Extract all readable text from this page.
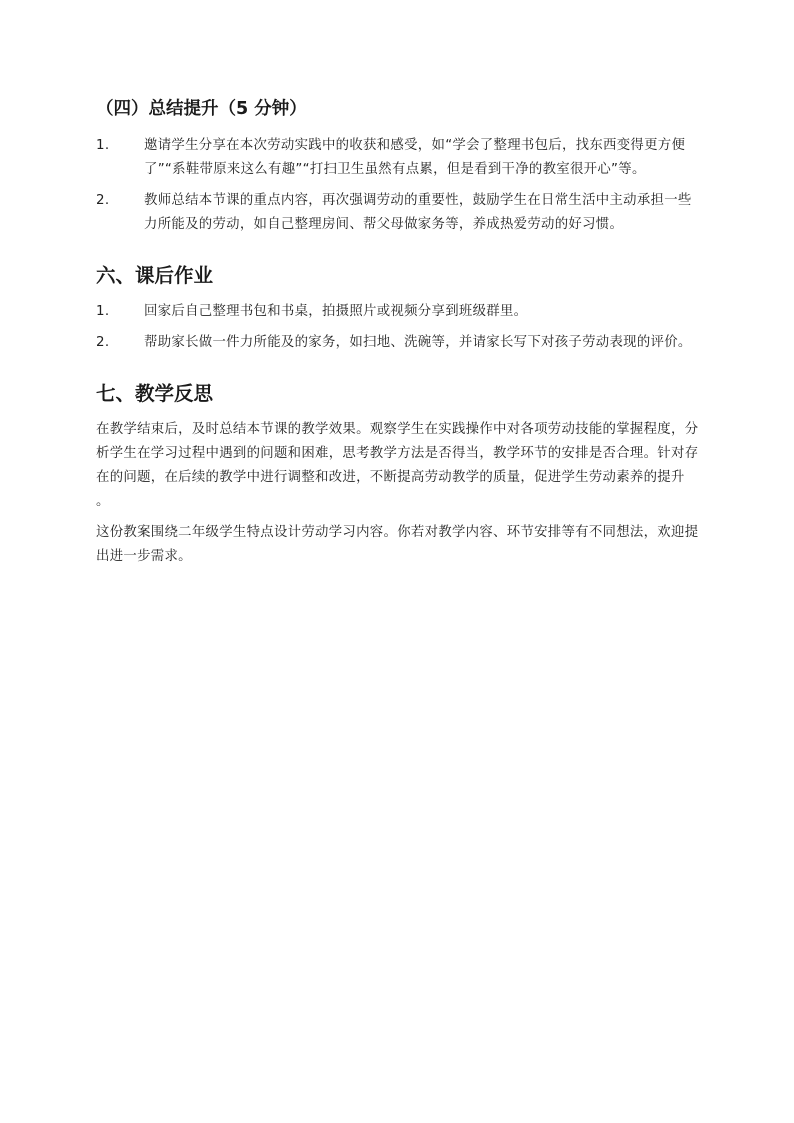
（四）总结提升（5 分钟）
1.	邀请学生分享在本次劳动实践中的收获和感受，如“学会了整理书包后，找东西变得更方便了”“系鞋带原来这么有趣”“打扫卫生虽然有点累，但是看到干净的教室很开心”等。
2.	教师总结本节课的重点内容，再次强调劳动的重要性，鼓励学生在日常生活中主动承担一些力所能及的劳动，如自己整理房间、帮父母做家务等，养成热爱劳动的好习惯。
六、课后作业
1.	回家后自己整理书包和书桌，拍摄照片或视频分享到班级群里。
2.	帮助家长做一件力所能及的家务，如扫地、洗碗等，并请家长写下对孩子劳动表现的评价。
七、教学反思

在教学结束后，及时总结本节课的教学效果。观察学生在实践操作中对各项劳动技能的掌握程度，分析学生在学习过程中遇到的问题和困难，思考教学方法是否得当，教学环节的安排是否合理。针对存在的问题，在后续的教学中进行调整和改进，不断提高劳动教学的质量，促进学生劳动素养的提升 。

这份教案围绕二年级学生特点设计劳动学习内容。你若对教学内容、环节安排等有不同想法，欢迎提出进一步需求。
